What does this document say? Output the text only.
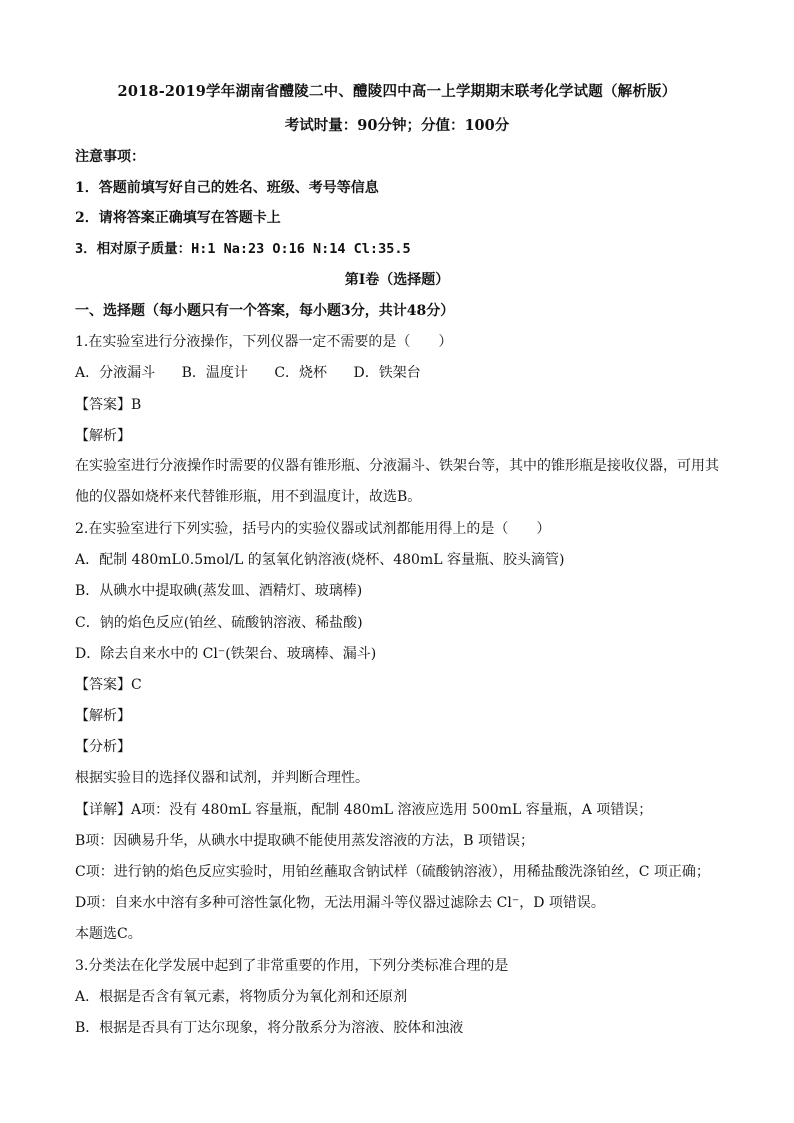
2018-2019学年湖南省醴陵二中、醴陵四中高一上学期期末联考化学试题（解析版）
考试时量：90分钟；分值：100分
注意事项：
1．答题前填写好自己的姓名、班级、考号等信息
2．请将答案正确填写在答题卡上
3．相对原子质量：H:1 Na:23 O:16 N:14 Cl:35.5
第Ⅰ卷（选择题）
一、选择题（每小题只有一个答案，每小题3分，共计48分）
1.在实验室进行分液操作，下列仪器一定不需要的是（　　）
A．分液漏斗 B．温度计 C．烧杯 D．铁架台
【答案】B
【解析】
在实验室进行分液操作时需要的仪器有锥形瓶、分液漏斗、铁架台等，其中的锥形瓶是接收仪器，可用其他的仪器如烧杯来代替锥形瓶，用不到温度计，故选B。
2.在实验室进行下列实验，括号内的实验仪器或试剂都能用得上的是（　　）
A．配制 480mL0.5mol/L 的氢氧化钠溶液(烧杯、480mL 容量瓶、胶头滴管)
B．从碘水中提取碘(蒸发皿、酒精灯、玻璃棒)
C．钠的焰色反应(铂丝、硫酸钠溶液、稀盐酸)
D．除去自来水中的 Cl⁻(铁架台、玻璃棒、漏斗)
【答案】C
【解析】
【分析】
根据实验目的选择仪器和试剂，并判断合理性。
【详解】A项：没有 480mL 容量瓶，配制 480mL 溶液应选用 500mL 容量瓶，A 项错误；
B项：因碘易升华，从碘水中提取碘不能使用蒸发溶液的方法，B 项错误；
C项：进行钠的焰色反应实验时，用铂丝蘸取含钠试样（硫酸钠溶液），用稀盐酸洗涤铂丝，C 项正确；
D项：自来水中溶有多种可溶性氯化物，无法用漏斗等仪器过滤除去 Cl⁻，D 项错误。
本题选C。
3.分类法在化学发展中起到了非常重要的作用，下列分类标准合理的是
A．根据是否含有氧元素，将物质分为氧化剂和还原剂
B．根据是否具有丁达尔现象，将分散系分为溶液、胶体和浊液
